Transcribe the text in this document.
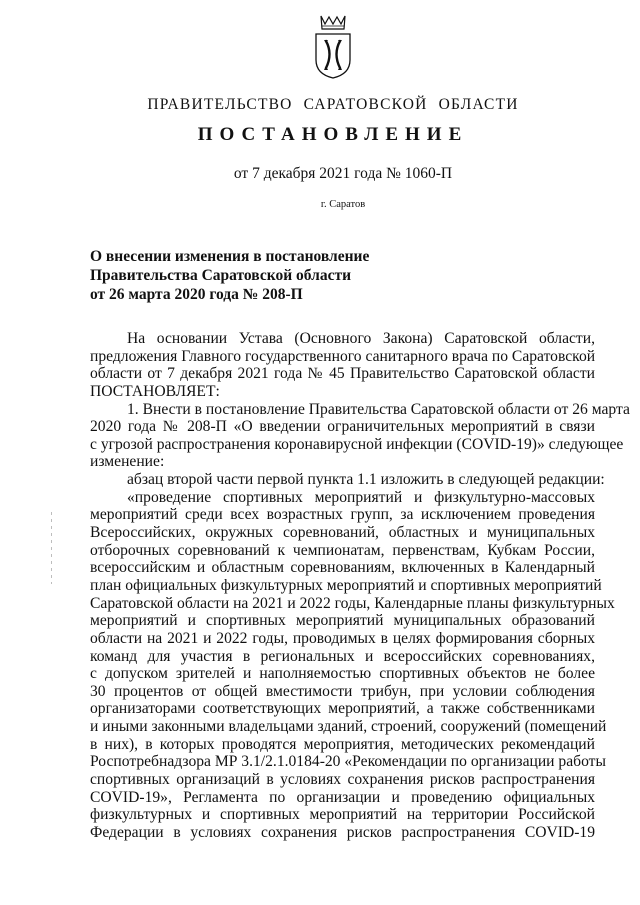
ПРАВИТЕЛЬСТВО САРАТОВСКОЙ ОБЛАСТИ
ПОСТАНОВЛЕНИЕ
от 7 декабря 2021 года № 1060-П
г. Саратов
О внесении изменения в постановление
Правительства Саратовской области
от 26 марта 2020 года № 208-П
На основании Устава (Основного Закона) Саратовской области,
предложения Главного государственного санитарного врача по Саратовской
области от 7 декабря 2021 года № 45 Правительство Саратовской области
ПОСТАНОВЛЯЕТ:
1. Внести в постановление Правительства Саратовской области от 26 марта
2020 года № 208-П «О введении ограничительных мероприятий в связи
с угрозой распространения коронавирусной инфекции (COVID-19)» следующее
изменение:
абзац второй части первой пункта 1.1 изложить в следующей редакции:
«проведение спортивных мероприятий и физкультурно-массовых
мероприятий среди всех возрастных групп, за исключением проведения
Всероссийских, окружных соревнований, областных и муниципальных
отборочных соревнований к чемпионатам, первенствам, Кубкам России,
всероссийским и областным соревнованиям, включенных в Календарный
план официальных физкультурных мероприятий и спортивных мероприятий
Саратовской области на 2021 и 2022 годы, Календарные планы физкультурных
мероприятий и спортивных мероприятий муниципальных образований
области на 2021 и 2022 годы, проводимых в целях формирования сборных
команд для участия в региональных и всероссийских соревнованиях,
с допуском зрителей и наполняемостью спортивных объектов не более
30 процентов от общей вместимости трибун, при условии соблюдения
организаторами соответствующих мероприятий, а также собственниками
и иными законными владельцами зданий, строений, сооружений (помещений
в них), в которых проводятся мероприятия, методических рекомендаций
Роспотребнадзора МР 3.1/2.1.0184-20 «Рекомендации по организации работы
спортивных организаций в условиях сохранения рисков распространения
COVID-19», Регламента по организации и проведению официальных
физкультурных и спортивных мероприятий на территории Российской
Федерации в условиях сохранения рисков распространения COVID-19
